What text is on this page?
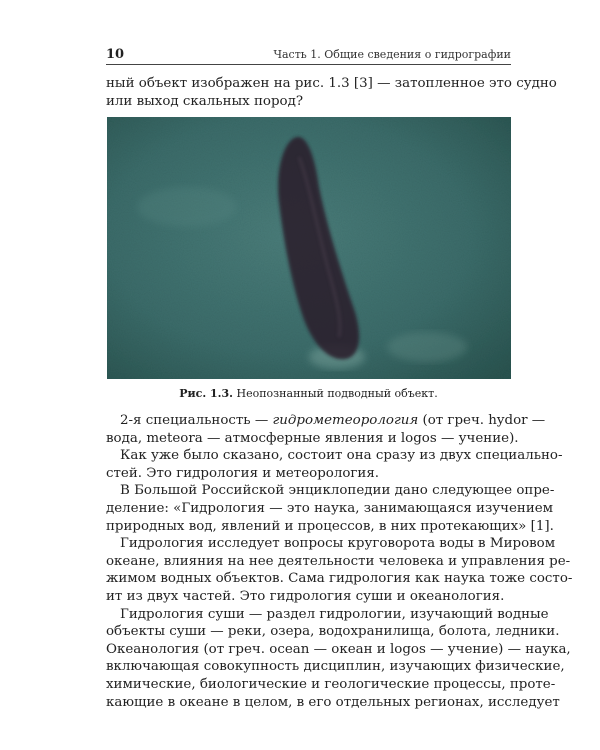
10	Часть 1. Общие сведения о гидрографии
ный объект изображен на рис. 1.3 [3] — затопленное это судно
или выход скальных пород?
Рис. 1.3. Неопознанный подводный объект.
2-я специальность — гидрометеорология (от греч. hydor —
вода, meteora — атмосферные явления и logos — учение).
Как уже было сказано, состоит она сразу из двух специально-
стей. Это гидрология и метеорология.
В Большой Российской энциклопедии дано следующее опре-
деление: «Гидрология — это наука, занимающаяся изучением
природных вод, явлений и процессов, в них протекающих» [1].
Гидрология исследует вопросы круговорота воды в Мировом
океане, влияния на нее деятельности человека и управления ре-
жимом водных объектов. Сама гидрология как наука тоже состо-
ит из двух частей. Это гидрология суши и океанология.
Гидрология суши — раздел гидрологии, изучающий водные
объекты суши — реки, озера, водохранилища, болота, ледники.
Океанология (от греч. ocean — океан и logos — учение) — наука,
включающая совокупность дисциплин, изучающих физические,
химические, биологические и геологические процессы, проте-
кающие в океане в целом, в его отдельных регионах, исследует
